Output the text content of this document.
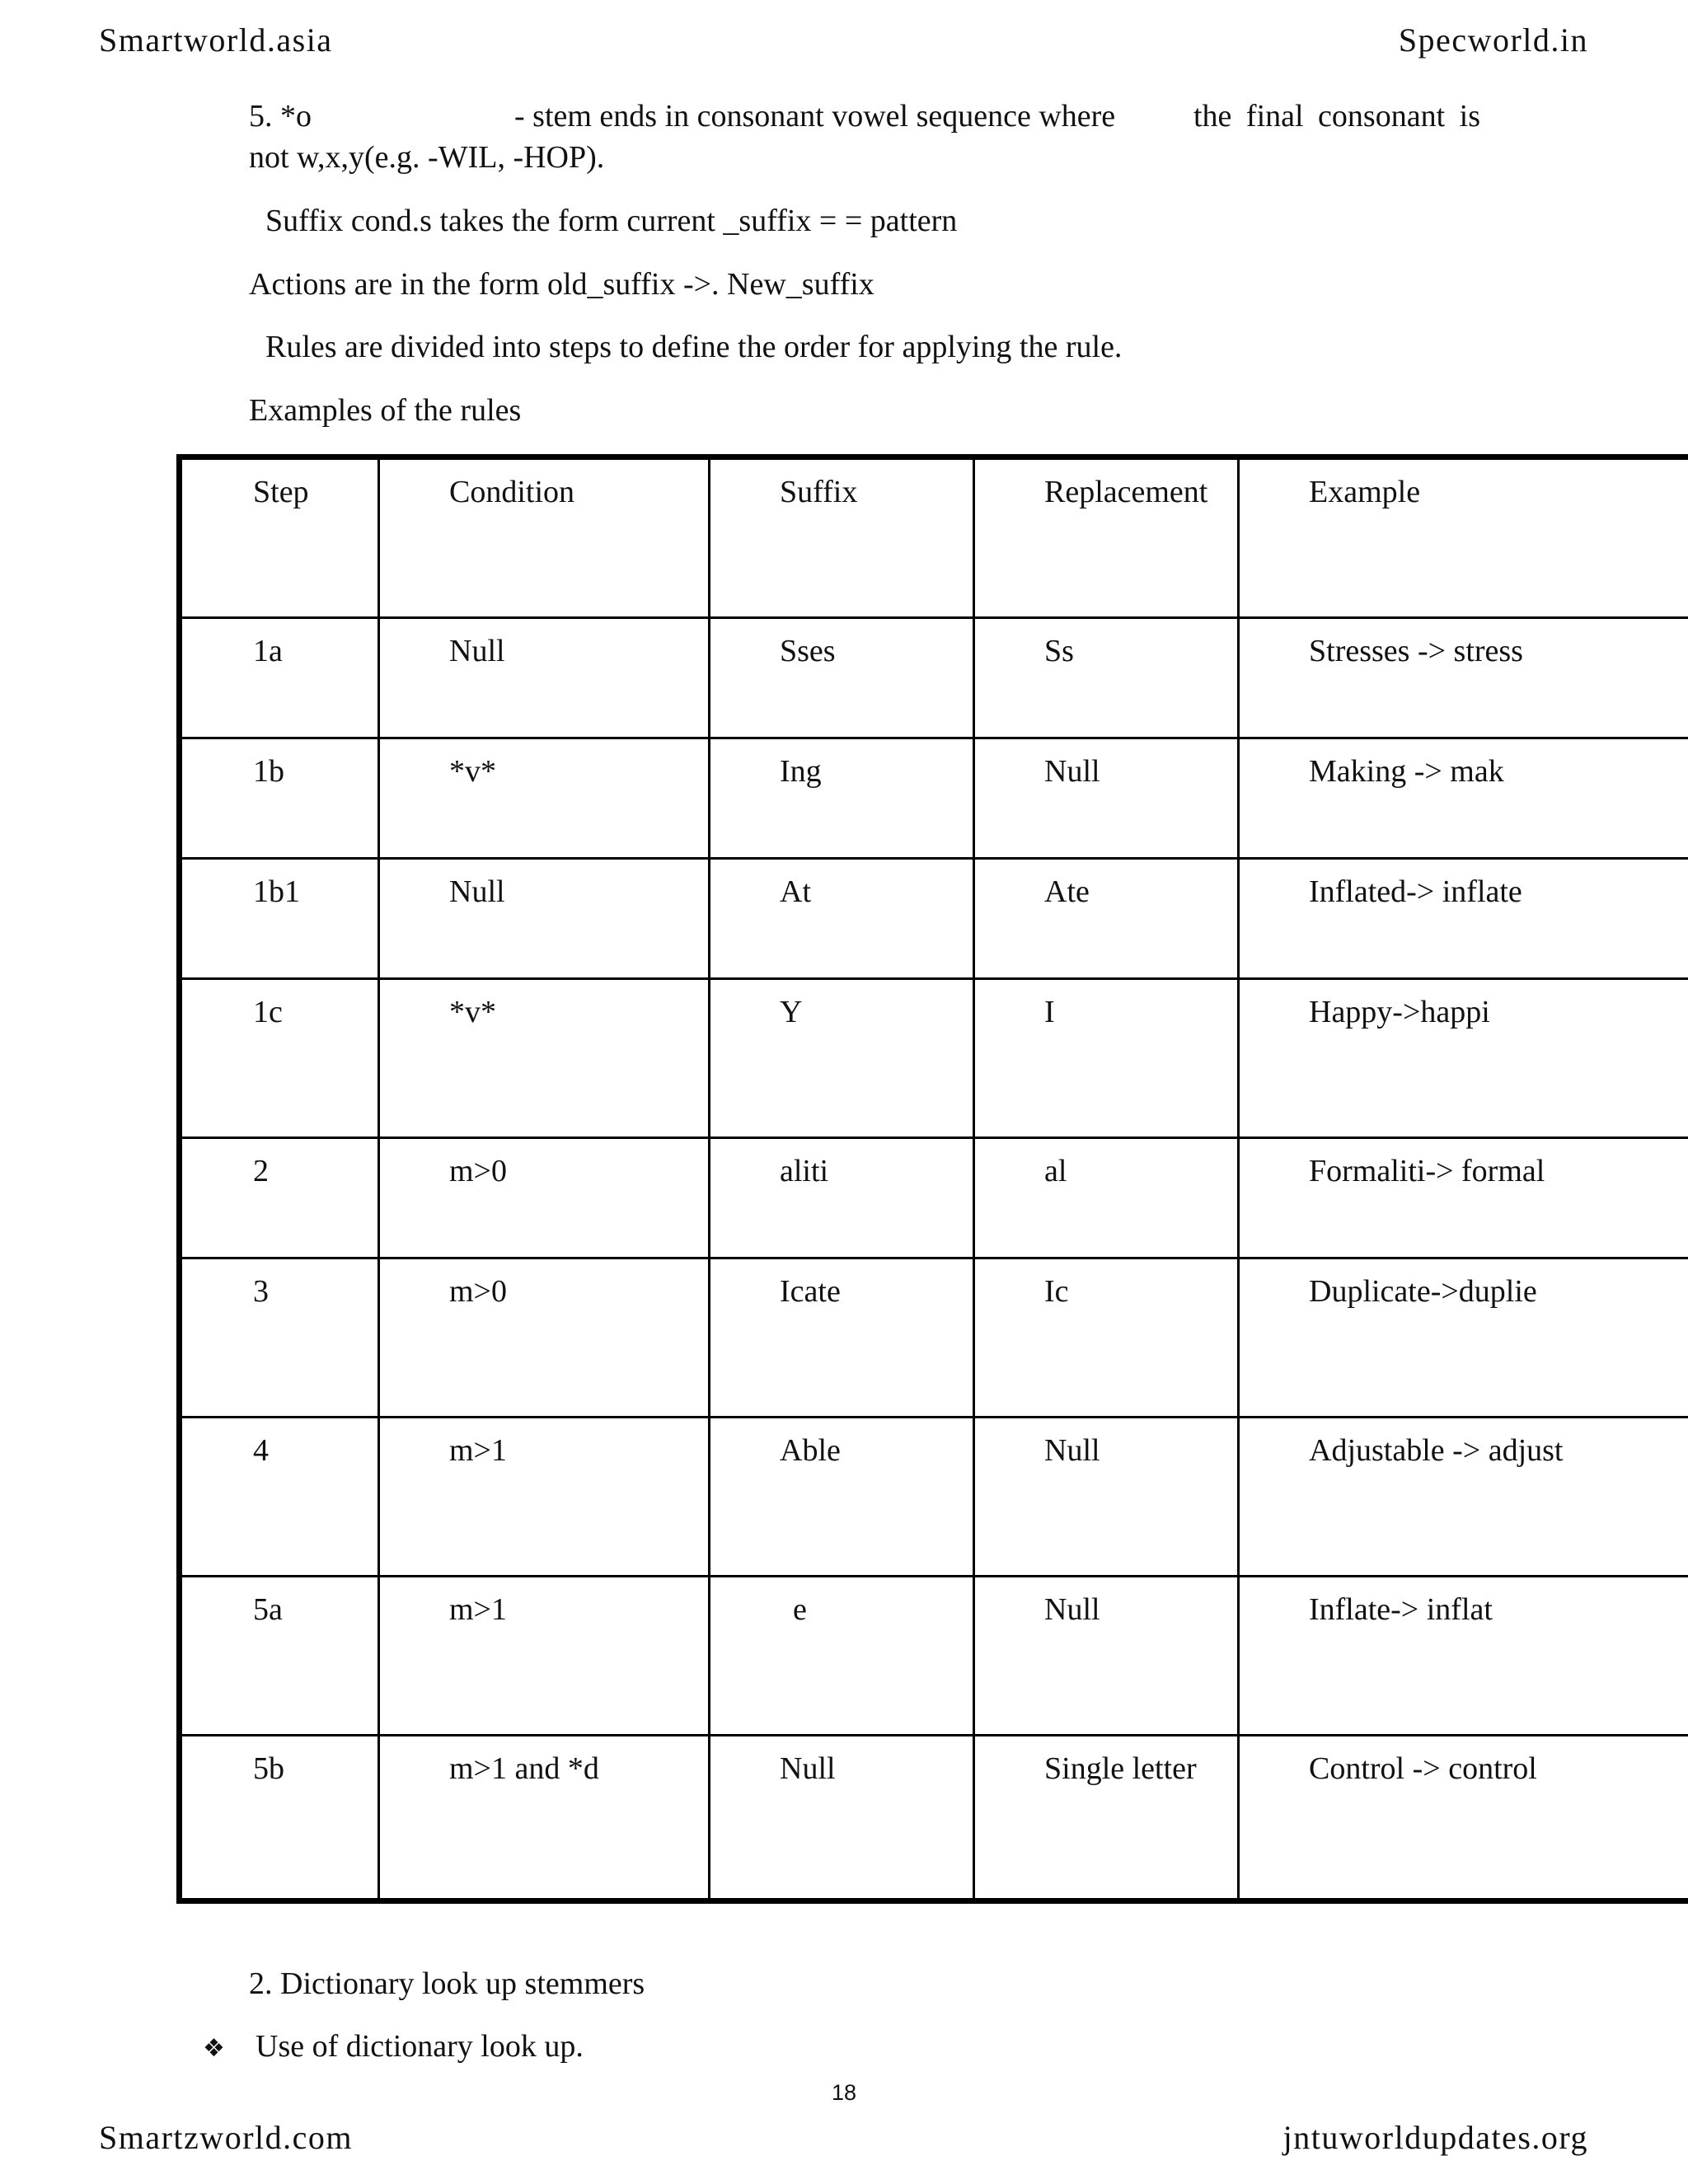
Smartworld.asia	Specworld.in
5. *o	- stem ends in consonant vowel sequence where the final consonant is
not w,x,y(e.g. -WIL, -HOP).
Suffix cond.s takes the form current _suffix = = pattern
Actions are in the form old_suffix ->. New_suffix
Rules are divided into steps to define the order for applying the rule.
Examples of the rules
Step	Condition	Suffix	Replacement	Example
1a	Null	Sses	Ss	Stresses -> stress
1b	*v*	Ing	Null	Making -> mak
1b1	Null	At	Ate	Inflated-> inflate
1c	*v*	Y	I	Happy->happi
2	m>0	aliti	al	Formaliti-> formal
3	m>0	Icate	Ic	Duplicate->duplie
4	m>1	Able	Null	Adjustable -> adjust
5a	m>1	e	Null	Inflate-> inflat
5b	m>1 and *d	Null	Single letter	Control -> control
2. Dictionary look up stemmers
❖ Use of dictionary look up.
18
Smartzworld.com	jntuworldupdates.org
